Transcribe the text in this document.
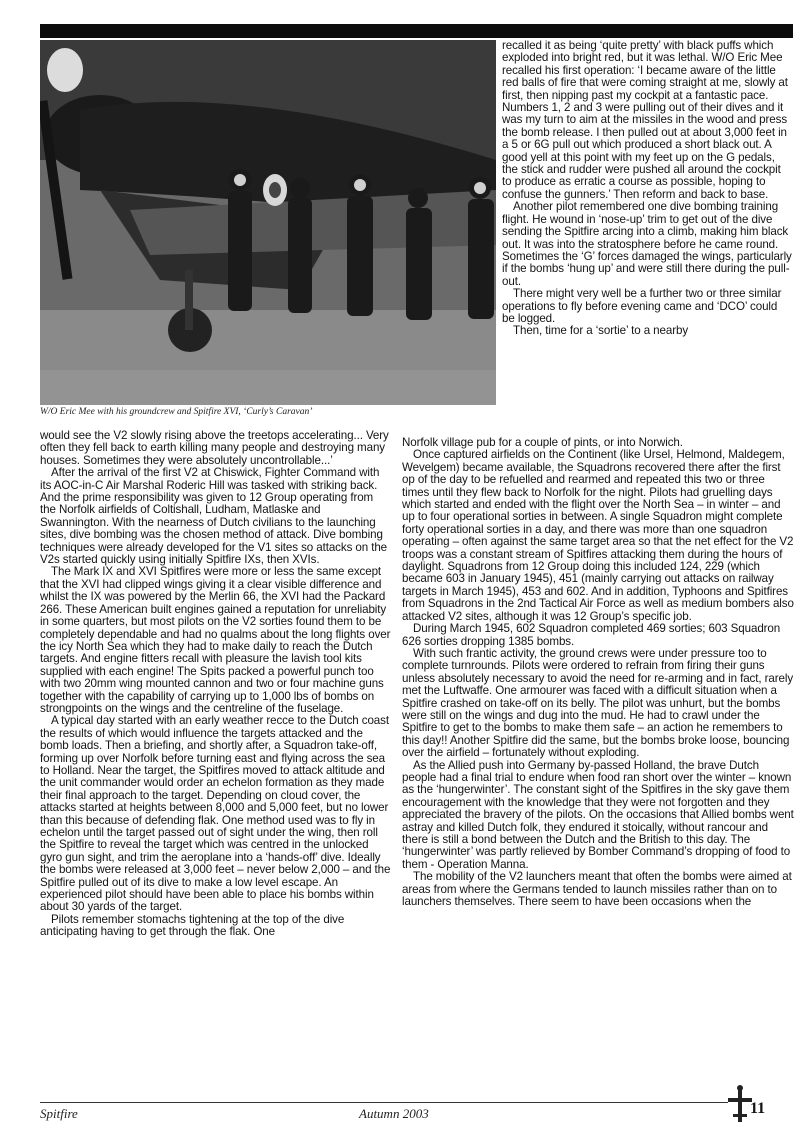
W/O Eric Mee with his groundcrew and Spitfire XVI, ‘Curly’s Caravan’

recalled it as being ‘quite pretty’ with black puffs which exploded into bright red, but it was lethal. W/O Eric Mee recalled his first operation: ‘I became aware of the little red balls of fire that were coming straight at me, slowly at first, then nipping past my cockpit at a fantastic pace. Numbers 1, 2 and 3 were pulling out of their dives and it was my turn to aim at the missiles in the wood and press the bomb release. I then pulled out at about 3,000 feet in a 5 or 6G pull out which produced a short black out. A good yell at this point with my feet up on the G pedals, the stick and rudder were pushed all around the cockpit to produce as erratic a course as possible, hoping to confuse the gunners.’ Then reform and back to base.

Another pilot remembered one dive bombing training flight. He wound in ‘nose-up’ trim to get out of the dive sending the Spitfire arcing into a climb, making him black out. It was into the stratosphere before he came round. Sometimes the ‘G’ forces damaged the wings, particularly if the bombs ‘hung up’ and were still there during the pull-out.

There might very well be a further two or three similar operations to fly before evening came and ‘DCO’ could be logged.

Then, time for a ‘sortie’ to a nearby

would see the V2 slowly rising above the treetops accelerating... Very often they fell back to earth killing many people and destroying many houses. Sometimes they were absolutely uncontrollable...’

After the arrival of the first V2 at Chiswick, Fighter Command with its AOC-in-C Air Marshal Roderic Hill was tasked with striking back. And the prime responsibility was given to 12 Group operating from the Norfolk airfields of Coltishall, Ludham, Matlaske and Swannington. With the nearness of Dutch civilians to the launching sites, dive bombing was the chosen method of attack. Dive bombing techniques were already developed for the V1 sites so attacks on the V2s started quickly using initially Spitfire IXs, then XVIs.

The Mark IX and XVI Spitfires were more or less the same except that the XVI had clipped wings giving it a clear visible difference and whilst the IX was powered by the Merlin 66, the XVI had the Packard 266. These American built engines gained a reputation for unreliabity in some quarters, but most pilots on the V2 sorties found them to be completely dependable and had no qualms about the long flights over the icy North Sea which they had to make daily to reach the Dutch targets. And engine fitters recall with pleasure the lavish tool kits supplied with each engine! The Spits packed a powerful punch too with two 20mm wing mounted cannon and two or four machine guns together with the capability of carrying up to 1,000 lbs of bombs on strongpoints on the wings and the centreline of the fuselage.

A typical day started with an early weather recce to the Dutch coast the results of which would influence the targets attacked and the bomb loads. Then a briefing, and shortly after, a Squadron take-off, forming up over Norfolk before turning east and flying across the sea to Holland. Near the target, the Spitfires moved to attack altitude and the unit commander would order an echelon formation as they made their final approach to the target. Depending on cloud cover, the attacks started at heights between 8,000 and 5,000 feet, but no lower than this because of defending flak. One method used was to fly in echelon until the target passed out of sight under the wing, then roll the Spitfire to reveal the target which was centred in the unlocked gyro gun sight, and trim the aeroplane into a ‘hands-off’ dive. Ideally the bombs were released at 3,000 feet – never below 2,000 – and the Spitfire pulled out of its dive to make a low level escape. An experienced pilot should have been able to place his bombs within about 30 yards of the target.

Pilots remember stomachs tightening at the top of the dive anticipating having to get through the flak. One

Norfolk village pub for a couple of pints, or into Norwich.

Once captured airfields on the Continent (like Ursel, Helmond, Maldegem, Wevelgem) became available, the Squadrons recovered there after the first op of the day to be refuelled and rearmed and repeated this two or three times until they flew back to Norfolk for the night. Pilots had gruelling days which started and ended with the flight over the North Sea – in winter – and up to four operational sorties in between. A single Squadron might complete forty operational sorties in a day, and there was more than one squadron operating – often against the same target area so that the net effect for the V2 troops was a constant stream of Spitfires attacking them during the hours of daylight. Squadrons from 12 Group doing this included 124, 229 (which became 603 in January 1945), 451 (mainly carrying out attacks on railway targets in March 1945), 453 and 602. And in addition, Typhoons and Spitfires from Squadrons in the 2nd Tactical Air Force as well as medium bombers also attacked V2 sites, although it was 12 Group’s specific job.

During March 1945, 602 Squadron completed 469 sorties; 603 Squadron 626 sorties dropping 1385 bombs.

With such frantic activity, the ground crews were under pressure too to complete turnrounds. Pilots were ordered to refrain from firing their guns unless absolutely necessary to avoid the need for re-arming and in fact, rarely met the Luftwaffe. One armourer was faced with a difficult situation when a Spitfire crashed on take-off on its belly. The pilot was unhurt, but the bombs were still on the wings and dug into the mud. He had to crawl under the Spitfire to get to the bombs to make them safe – an action he remembers to this day!! Another Spitfire did the same, but the bombs broke loose, bouncing over the airfield – fortunately without exploding.

As the Allied push into Germany by-passed Holland, the brave Dutch people had a final trial to endure when food ran short over the winter – known as the ‘hungerwinter’. The constant sight of the Spitfires in the sky gave them encouragement with the knowledge that they were not forgotten and they appreciated the bravery of the pilots. On the occasions that Allied bombs went astray and killed Dutch folk, they endured it stoically, without rancour and there is still a bond between the Dutch and the British to this day. The ‘hungerwinter’ was partly relieved by Bomber Command’s dropping of food to them - Operation Manna.

The mobility of the V2 launchers meant that often the bombs were aimed at areas from where the Germans tended to launch missiles rather than on to launchers themselves. There seem to have been occasions when the

Spitfire	Autumn 2003	11
